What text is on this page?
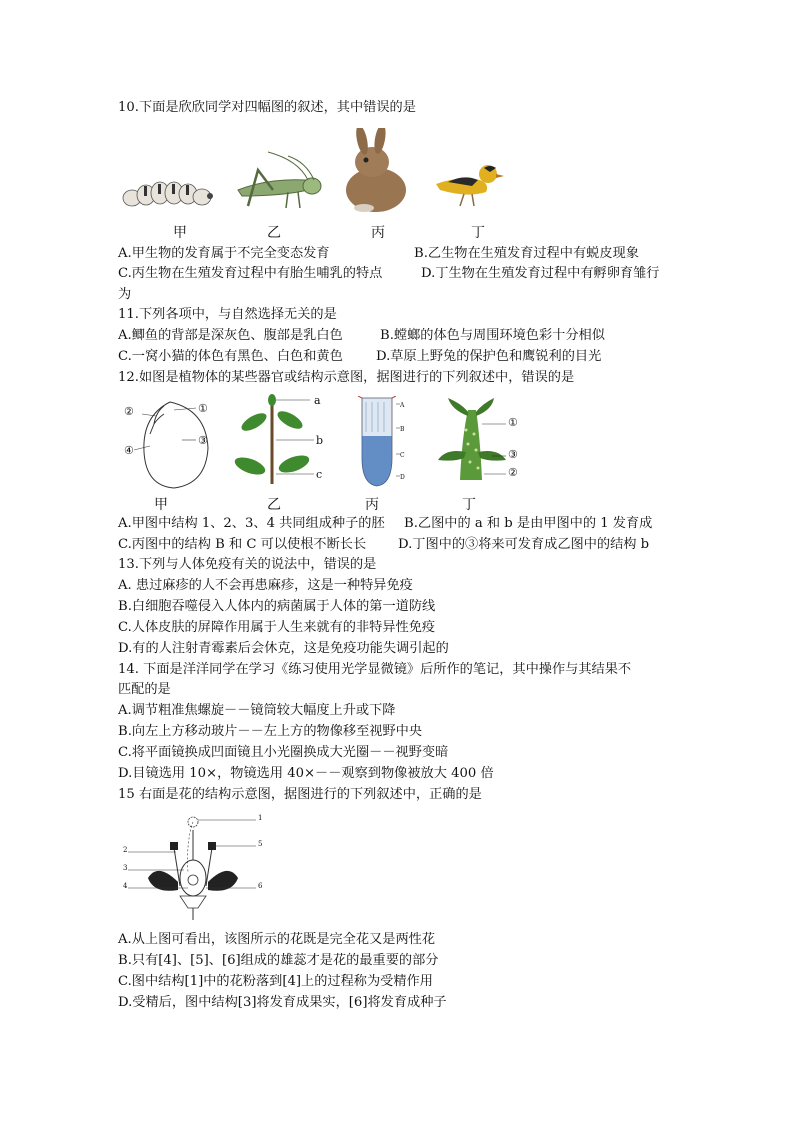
10.下面是欣欣同学对四幅图的叙述，其中错误的是
甲	乙	丙	丁
A.甲生物的发育属于不完全变态发育	B.乙生物在生殖发育过程中有蜕皮现象
C.丙生物在生殖发育过程中有胎生哺乳的特点	D.丁生物在生殖发育过程中有孵卵育雏行
为
11.下列各项中，与自然选择无关的是
A.鲫鱼的背部是深灰色、腹部是乳白色	B.螳螂的体色与周围环境色彩十分相似
C.一窝小猫的体色有黑色、白色和黄色	D.草原上野兔的保护色和鹰锐利的目光
12.如图是植物体的某些器官或结构示意图，据图进行的下列叙述中，错误的是
②	①
③
④
a
b
c
A
B
C
D
①
③
②
甲	乙	丙	丁
A.甲图中结构 1、2、3、4 共同组成种子的胚 B.乙图中的 a 和 b 是由甲图中的 1 发育成
C.丙图中的结构 B 和 C 可以使根不断长长 D.丁图中的③将来可发育成乙图中的结构 b
13.下列与人体免疫有关的说法中，错误的是
A. 患过麻疹的人不会再患麻疹，这是一种特异免疫
B.白细胞吞噬侵入人体内的病菌属于人体的第一道防线
C.人体皮肤的屏障作用属于人生来就有的非特异性免疫
D.有的人注射青霉素后会休克，这是免疫功能失调引起的
14. 下面是洋洋同学在学习《练习使用光学显微镜》后所作的笔记，其中操作与其结果不
匹配的是
A.调节粗准焦螺旋－－镜筒较大幅度上升或下降
B.向左上方移动玻片－－左上方的物像移至视野中央
C.将平面镜换成凹面镜且小光圈换成大光圈－－视野变暗
D.目镜选用 10×，物镜选用 40×－－观察到物像被放大 400 倍
15 右面是花的结构示意图，据图进行的下列叙述中，正确的是
1
2
3
4
5
6
A.从上图可看出，该图所示的花既是完全花又是两性花
B.只有[4]、[5]、[6]组成的雄蕊才是花的最重要的部分
C.图中结构[1]中的花粉落到[4]上的过程称为受精作用
D.受精后，图中结构[3]将发育成果实，[6]将发育成种子
